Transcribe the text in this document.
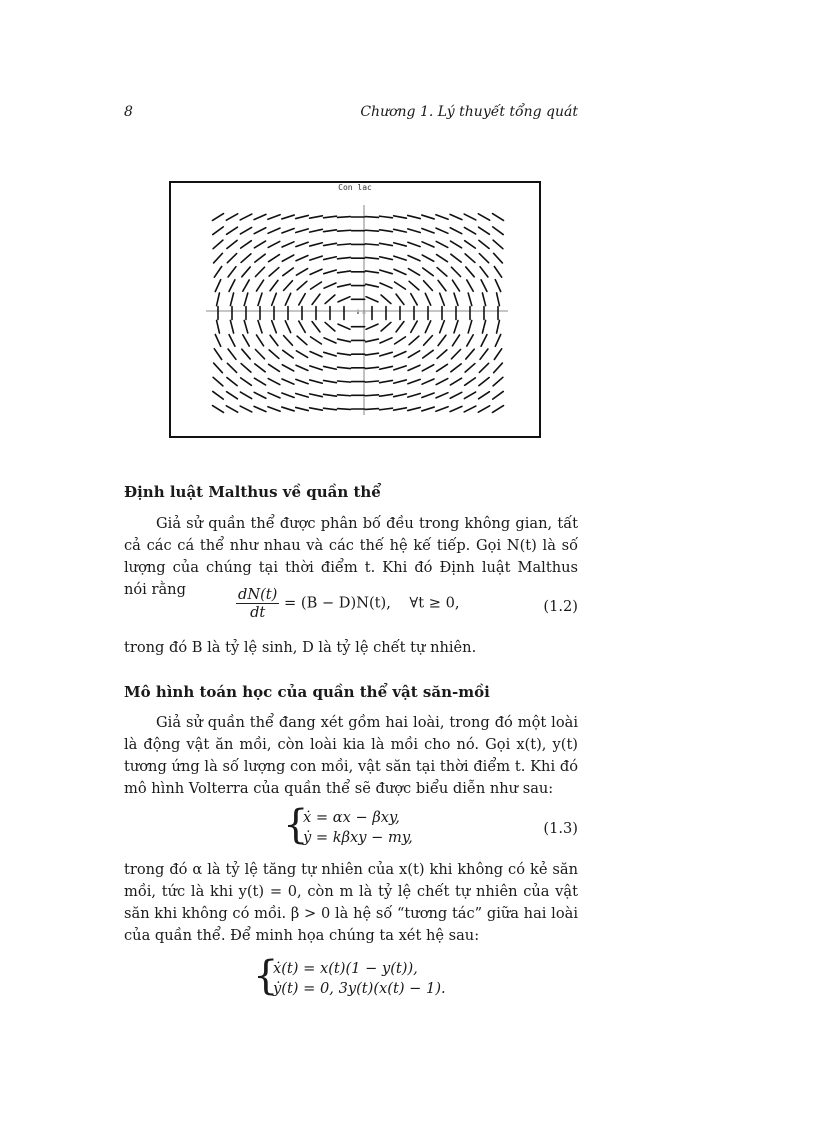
8	Chương 1. Lý thuyết tổng quát
Con lac
Định luật Malthus về quần thể
Giả sử quần thể được phân bố đều trong không gian, tất cả các cá thể như nhau và các thế hệ kế tiếp. Gọi N(t) là số lượng của chúng tại thời điểm t. Khi đó Định luật Malthus nói rằng	$\frac{dN(t)}{dt} = (B - D)N(t)$,    ∀t ≥ 0,	(1.2)
trong đó B là tỷ lệ sinh, D là tỷ lệ chết tự nhiên.
Mô hình toán học của quần thể vật săn-mồi
Giả sử quần thể đang xét gồm hai loài, trong đó một loài là động vật ăn mồi, còn loài kia là mồi cho nó. Gọi x(t), y(t) tương ứng là số lượng con mồi, vật săn tại thời điểm t. Khi đó mô hình Volterra của quần thể sẽ được biểu diễn như sau:
{
ẋ = αx − βxy,
ẏ = kβxy − my,
(1.3)
trong đó α là tỷ lệ tăng tự nhiên của x(t) khi không có kẻ săn mồi, tức là khi y(t) = 0, còn m là tỷ lệ chết tự nhiên của vật săn khi không có mồi. β > 0 là hệ số “tương tác” giữa hai loài của quần thể. Để minh họa chúng ta xét hệ sau:
{
ẋ(t) = x(t)(1 − y(t)),
ẏ(t) = 0, 3y(t)(x(t) − 1).
